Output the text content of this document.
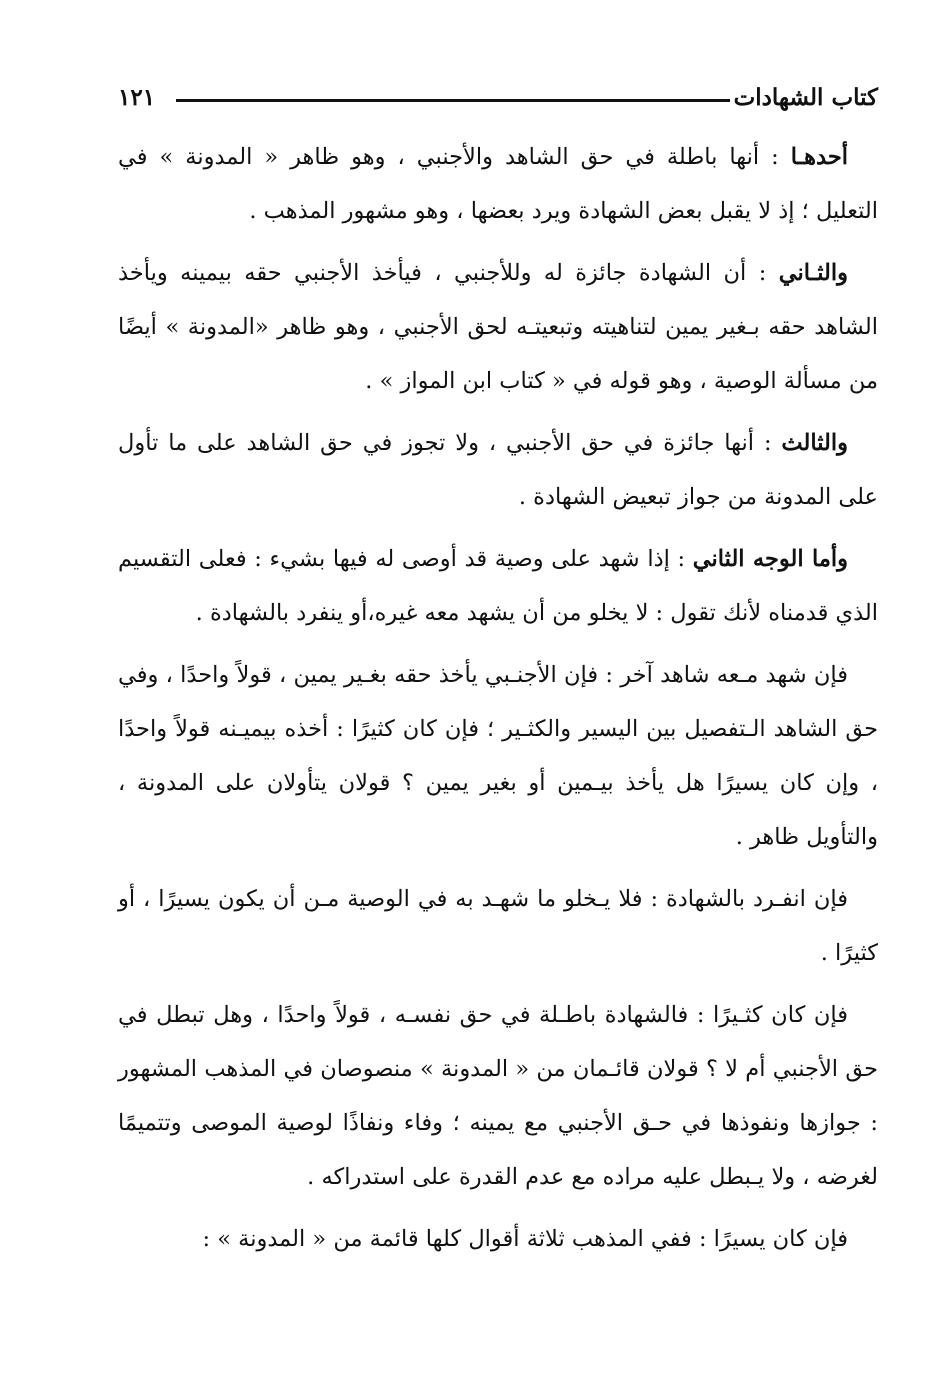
كتاب الشهادات
١٢١

أحدهـا : أنها باطلة في حق الشاهد والأجنبي ، وهو ظاهر « المدونة » في التعليل ؛ إذ لا يقبل بعض الشهادة ويرد بعضها ، وهو مشهور المذهب .

والثـاني : أن الشهادة جائزة له وللأجنبي ، فيأخذ الأجنبي حقه بيمينه ويأخذ الشاهد حقه بـغير يمين لتناهيته وتبعيتـه لحق الأجنبي ، وهو ظاهر «المدونة » أيضًا من مسألة الوصية ، وهو قوله في « كتاب ابن المواز » .

والثالث : أنها جائزة في حق الأجنبي ، ولا تجوز في حق الشاهد على ما تأول على المدونة من جواز تبعيض الشهادة .

وأما الوجه الثاني : إذا شهد على وصية قد أوصى له فيها بشيء : فعلى التقسيم الذي قدمناه لأنك تقول : لا يخلو من أن يشهد معه غيره،أو ينفرد بالشهادة .

فإن شهد مـعه شاهد آخر : فإن الأجنـبي يأخذ حقه بغـير يمين ، قولاً واحدًا ، وفي حق الشاهد الـتفصيل بين اليسير والكثـير ؛ فإن كان كثيرًا : أخذه بيميـنه قولاً واحدًا ، وإن كان يسيرًا هل يأخذ بيـمين أو بغير يمين ؟ قولان يتأولان على المدونة ، والتأويل ظاهر .

فإن انفـرد بالشهادة : فلا يـخلو ما شهـد به في الوصية مـن أن يكون يسيرًا ، أو كثيرًا .

فإن كان كثـيرًا : فالشهادة باطـلة في حق نفسـه ، قولاً واحدًا ، وهل تبطل في حق الأجنبي أم لا ؟ قولان قائـمان من « المدونة » منصوصان في المذهب المشهور : جوازها ونفوذها في حـق الأجنبي مع يمينه ؛ وفاء ونفاذًا لوصية الموصى وتتميمًا لغرضه ، ولا يـبطل عليه مراده مع عدم القدرة على استدراكه .

فإن كان يسيرًا : ففي المذهب ثلاثة أقوال كلها قائمة من « المدونة » :
